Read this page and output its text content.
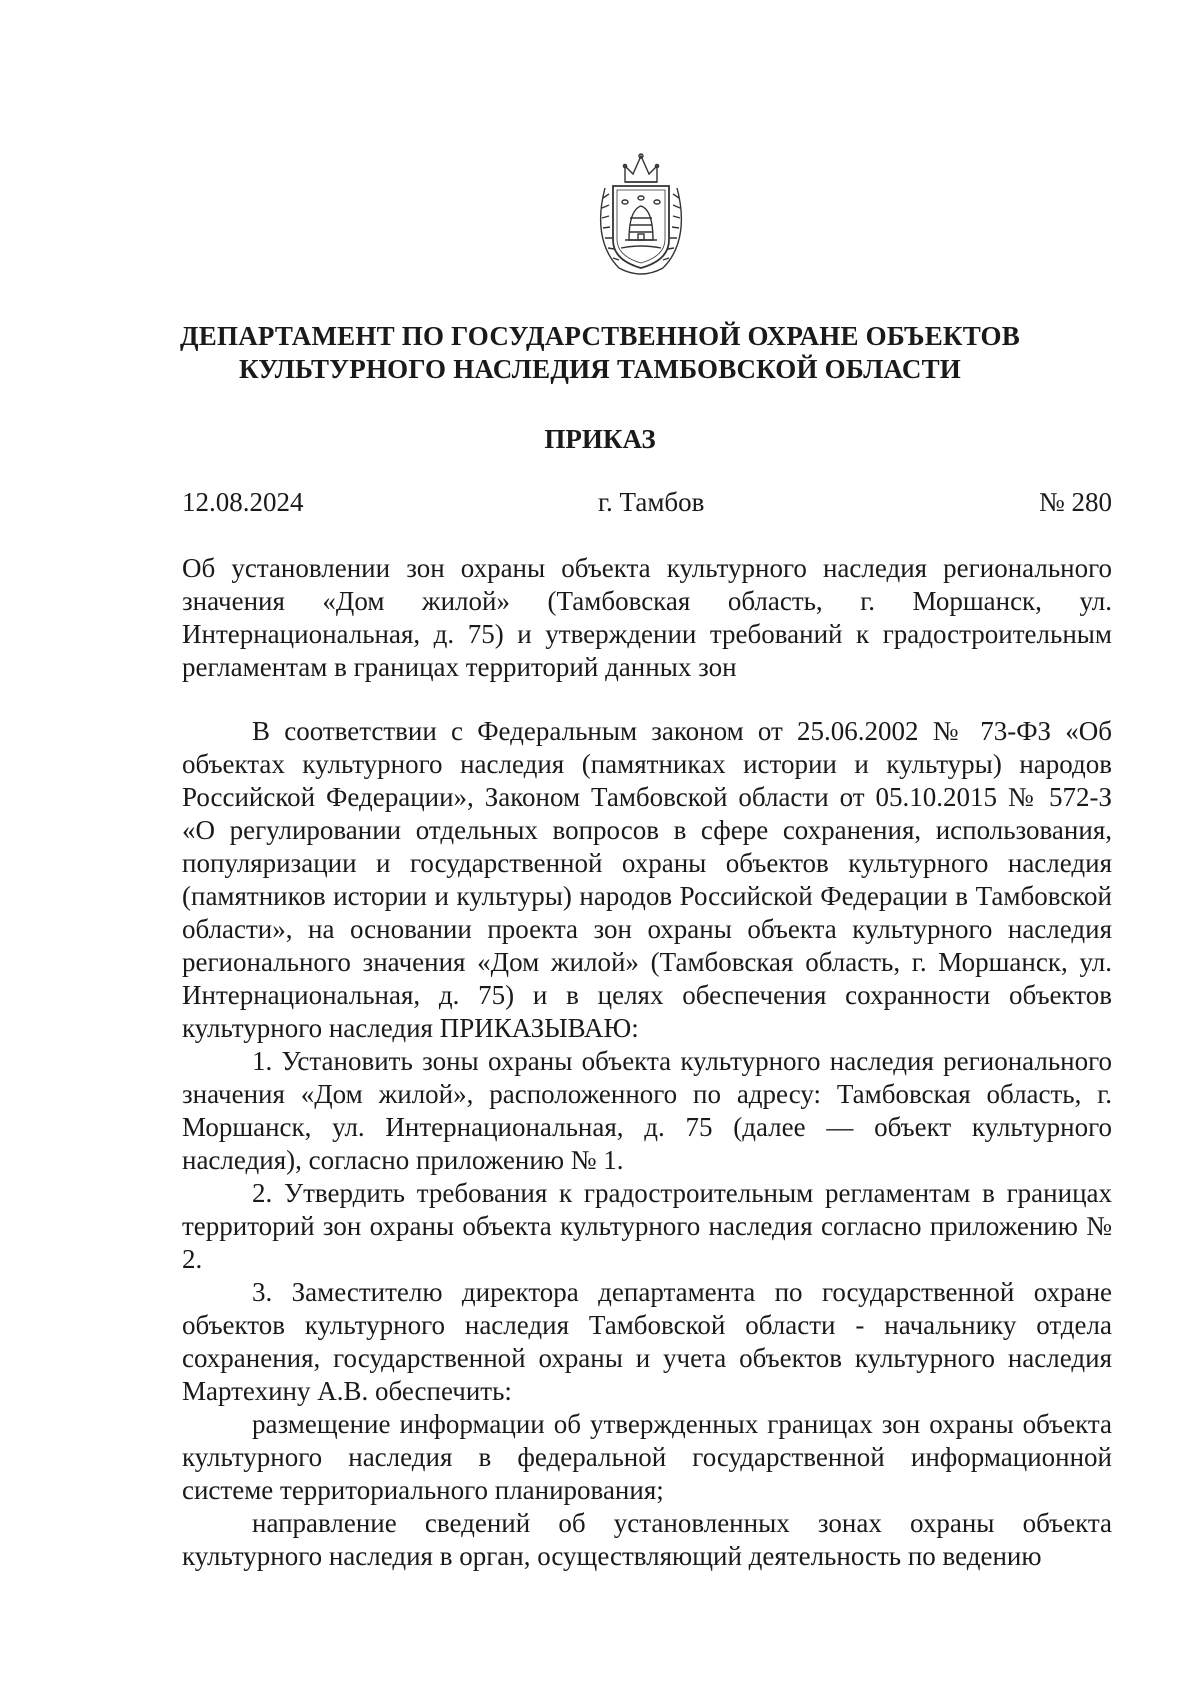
ДЕПАРТАМЕНТ ПО ГОСУДАРСТВЕННОЙ ОХРАНЕ ОБЪЕКТОВ
КУЛЬТУРНОГО НАСЛЕДИЯ ТАМБОВСКОЙ ОБЛАСТИ
ПРИКАЗ
12.08.2024	г. Тамбов	№ 280

Об установлении зон охраны объекта культурного наследия регионального значения «Дом жилой» (Тамбовская область, г. Моршанск, ул. Интернациональная, д. 75) и утверждении требований к градостроительным регламентам в границах территорий данных зон

В соответствии с Федеральным законом от 25.06.2002 № 73-ФЗ «Об объектах культурного наследия (памятниках истории и культуры) народов Российской Федерации», Законом Тамбовской области от 05.10.2015 № 572-З «О регулировании отдельных вопросов в сфере сохранения, использования, популяризации и государственной охраны объектов культурного наследия (памятников истории и культуры) народов Российской Федерации в Тамбовской области», на основании проекта зон охраны объекта культурного наследия регионального значения «Дом жилой» (Тамбовская область, г. Моршанск, ул. Интернациональная, д. 75) и в целях обеспечения сохранности объектов культурного наследия ПРИКАЗЫВАЮ:

1. Установить зоны охраны объекта культурного наследия регионального значения «Дом жилой», расположенного по адресу: Тамбовская область, г. Моршанск, ул. Интернациональная, д. 75 (далее — объект культурного наследия), согласно приложению № 1.

2. Утвердить требования к градостроительным регламентам в границах территорий зон охраны объекта культурного наследия согласно приложению № 2.

3. Заместителю директора департамента по государственной охране объектов культурного наследия Тамбовской области - начальнику отдела сохранения, государственной охраны и учета объектов культурного наследия Мартехину А.В. обеспечить:

размещение информации об утвержденных границах зон охраны объекта культурного наследия в федеральной государственной информационной системе территориального планирования;

направление сведений об установленных зонах охраны объекта культурного наследия в орган, осуществляющий деятельность по ведению
